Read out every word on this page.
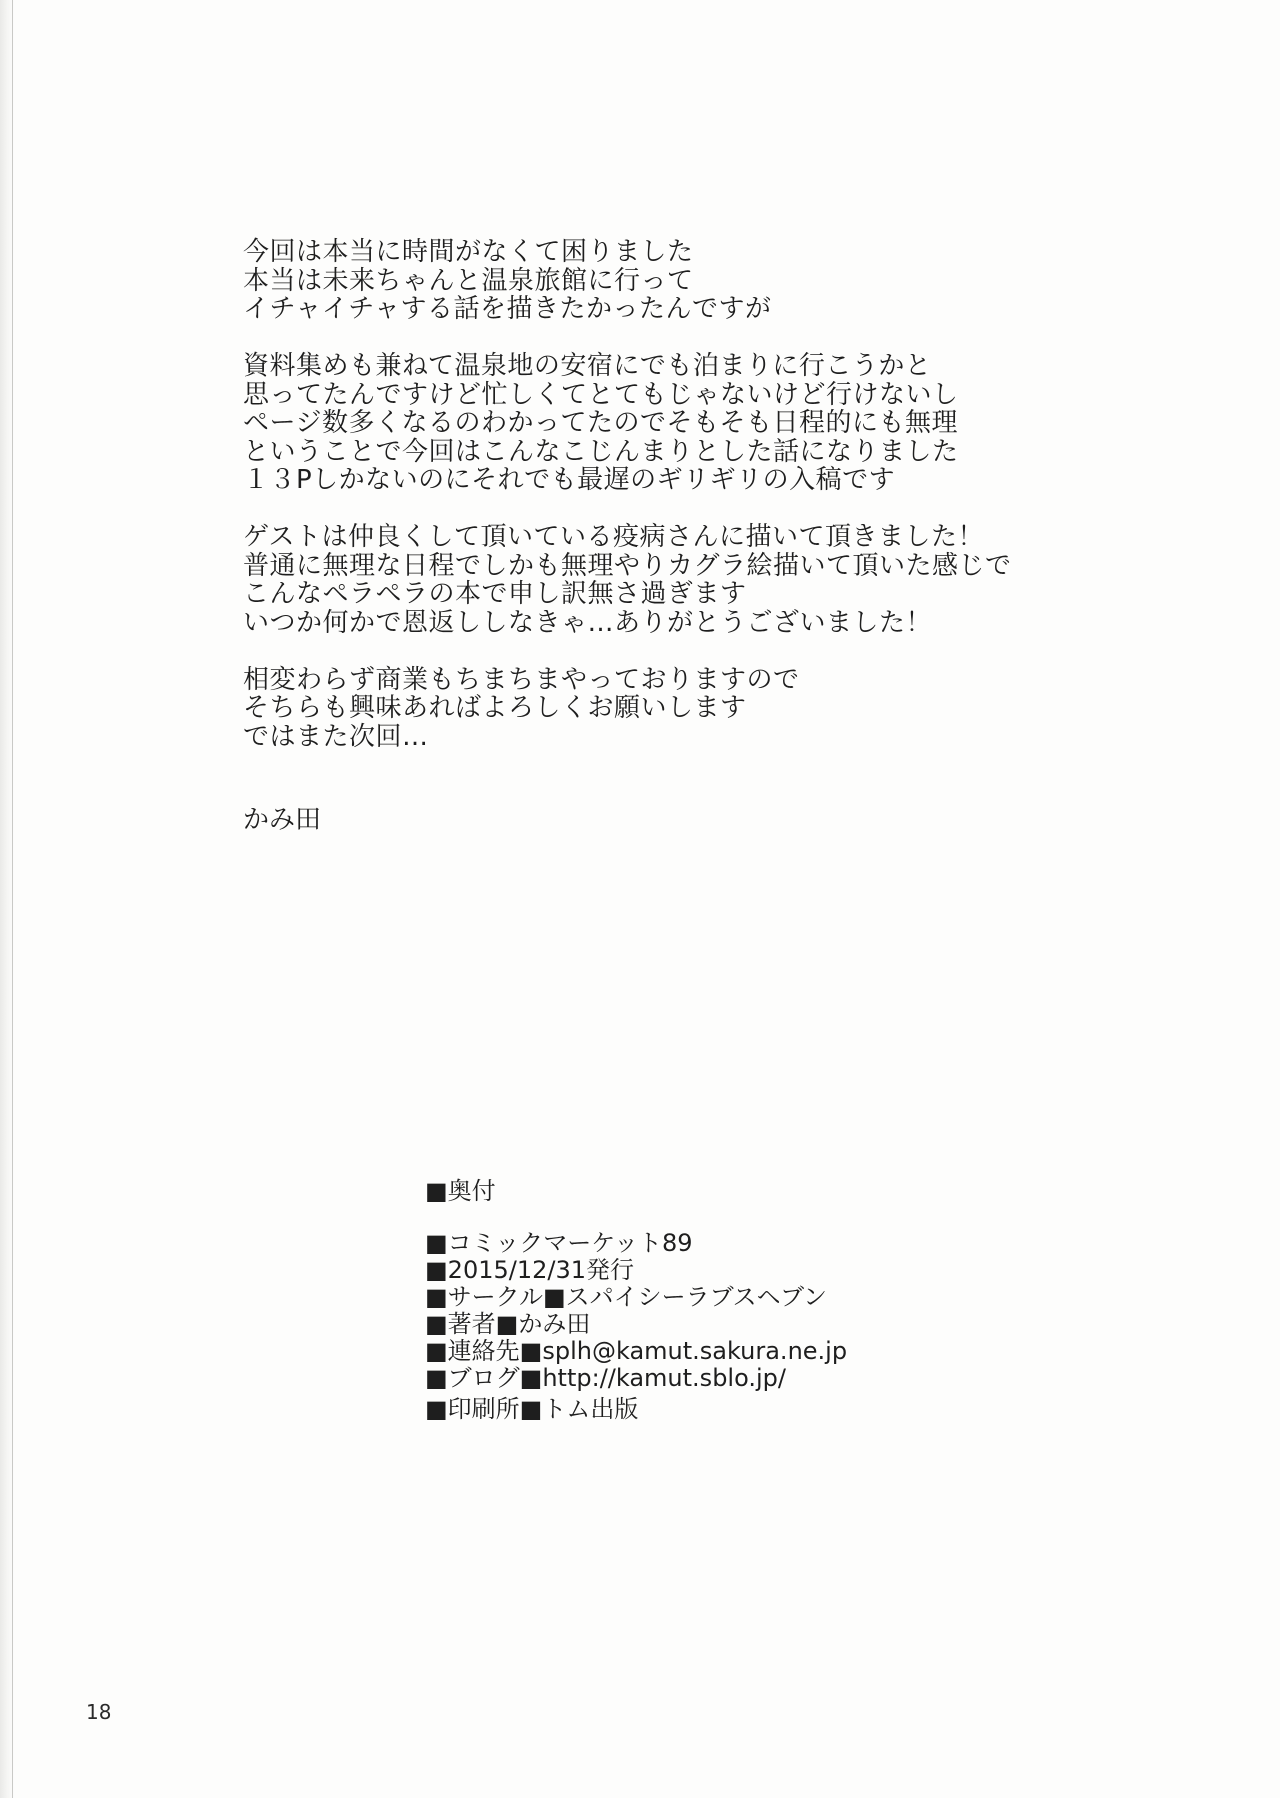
今回は本当に時間がなくて困りました
本当は未来ちゃんと温泉旅館に行って
イチャイチャする話を描きたかったんですが
資料集めも兼ねて温泉地の安宿にでも泊まりに行こうかと
思ってたんですけど忙しくてとてもじゃないけど行けないし
ページ数多くなるのわかってたのでそもそも日程的にも無理
ということで今回はこんなこじんまりとした話になりました
１３Pしかないのにそれでも最遅のギリギリの入稿です
ゲストは仲良くして頂いている疫病さんに描いて頂きました！
普通に無理な日程でしかも無理やりカグラ絵描いて頂いた感じで
こんなペラペラの本で申し訳無さ過ぎます
いつか何かで恩返ししなきゃ…ありがとうございました！
相変わらず商業もちまちまやっておりますので
そちらも興味あればよろしくお願いします
ではまた次回…
かみ田
■奥付
■コミックマーケット89
■2015/12/31発行
■サークル■スパイシーラブスヘブン
■著者■かみ田
■連絡先■splh@kamut.sakura.ne.jp
■ブログ■http://kamut.sblo.jp/
■印刷所■トム出版
18
